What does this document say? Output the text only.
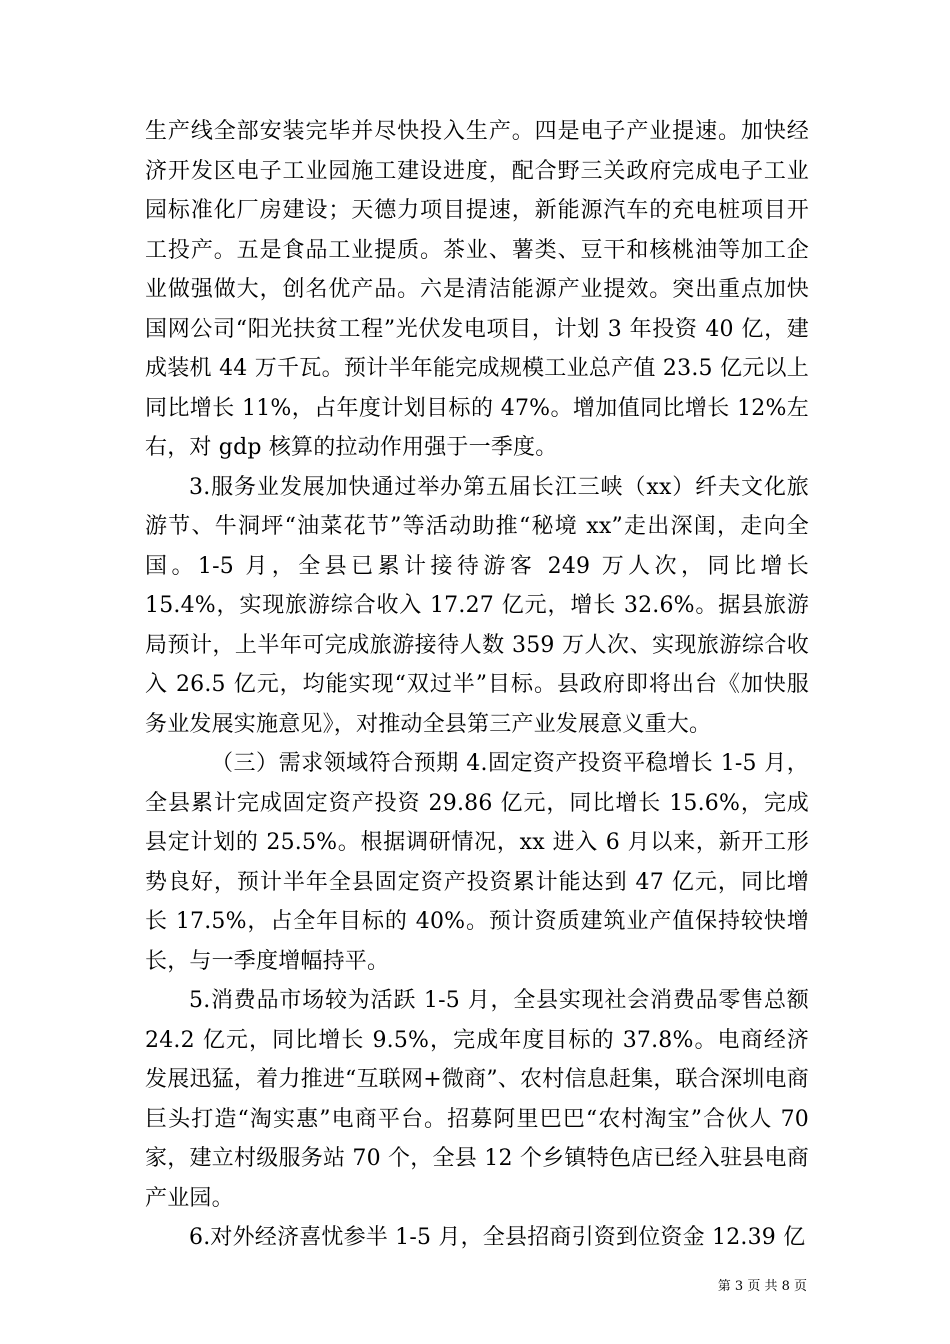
生产线全部安装完毕并尽快投入生产。四是电子产业提速。加快经济开发区电子工业园施工建设进度，配合野三关政府完成电子工业园标准化厂房建设；天德力项目提速，新能源汽车的充电桩项目开工投产。五是食品工业提质。茶业、薯类、豆干和核桃油等加工企业做强做大，创名优产品。六是清洁能源产业提效。突出重点加快国网公司“阳光扶贫工程”光伏发电项目，计划 3 年投资 40 亿，建成装机 44 万千瓦。预计半年能完成规模工业总产值 23.5 亿元以上同比增长 11%，占年度计划目标的 47%。增加值同比增长 12%左右，对 gdp 核算的拉动作用强于一季度。

3.服务业发展加快通过举办第五届长江三峡（xx）纤夫文化旅游节、牛洞坪“油菜花节”等活动助推“秘境 xx”走出深闺，走向全国。1-5 月，全县已累计接待游客 249 万人次，同比增长 15.4%，实现旅游综合收入 17.27 亿元，增长 32.6%。据县旅游局预计，上半年可完成旅游接待人数 359 万人次、实现旅游综合收入 26.5 亿元，均能实现“双过半”目标。县政府即将出台《加快服务业发展实施意见》，对推动全县第三产业发展意义重大。

（三）需求领域符合预期 4.固定资产投资平稳增长 1-5 月，全县累计完成固定资产投资 29.86 亿元，同比增长 15.6%，完成县定计划的 25.5%。根据调研情况，xx 进入 6 月以来，新开工形势良好，预计半年全县固定资产投资累计能达到 47 亿元，同比增长 17.5%，占全年目标的 40%。预计资质建筑业产值保持较快增长，与一季度增幅持平。

5.消费品市场较为活跃 1-5 月，全县实现社会消费品零售总额 24.2 亿元，同比增长 9.5%，完成年度目标的 37.8%。电商经济发展迅猛，着力推进“互联网+微商”、农村信息赶集，联合深圳电商巨头打造“淘实惠”电商平台。招募阿里巴巴“农村淘宝”合伙人 70 家，建立村级服务站 70 个，全县 12 个乡镇特色店已经入驻县电商产业园。

6.对外经济喜忧参半 1-5 月，全县招商引资到位资金 12.39 亿

第 3 页 共 8 页
